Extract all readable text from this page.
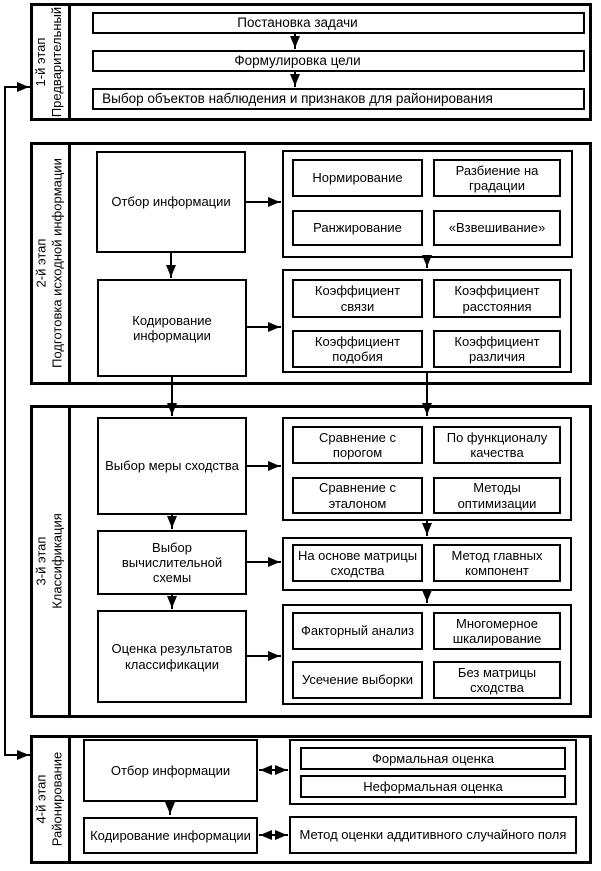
1-й этап Предварительный
2-й этап Подготовка исходной информации
3-й этап Классификация
4-й этап Районирование
Постановка задачи
Формулировка цели
Выбор объектов наблюдения и признаков для районирования
Отбор информации
Нормирование
Разбиение на градации
Ранжирование	«Взвешивание»
Кодирование информации
Коэффициент связи
Коэффициент расстояния
Коэффициент подобия
Коэффициент различия
Выбор меры сходства
Сравнение с порогом
По функционалу качества
Сравнение с эталоном
Методы оптимизации
Выбор вычислительной схемы
На основе матрицы сходства
Метод главных компонент
Оценка результатов классификации
Факторный анализ
Многомерное шкалирование
Усечение выборки
Без матрицы сходства
Отбор информации
Формальная оценка
Неформальная оценка
Кодирование информации	Метод оценки аддитивного случайного поля
